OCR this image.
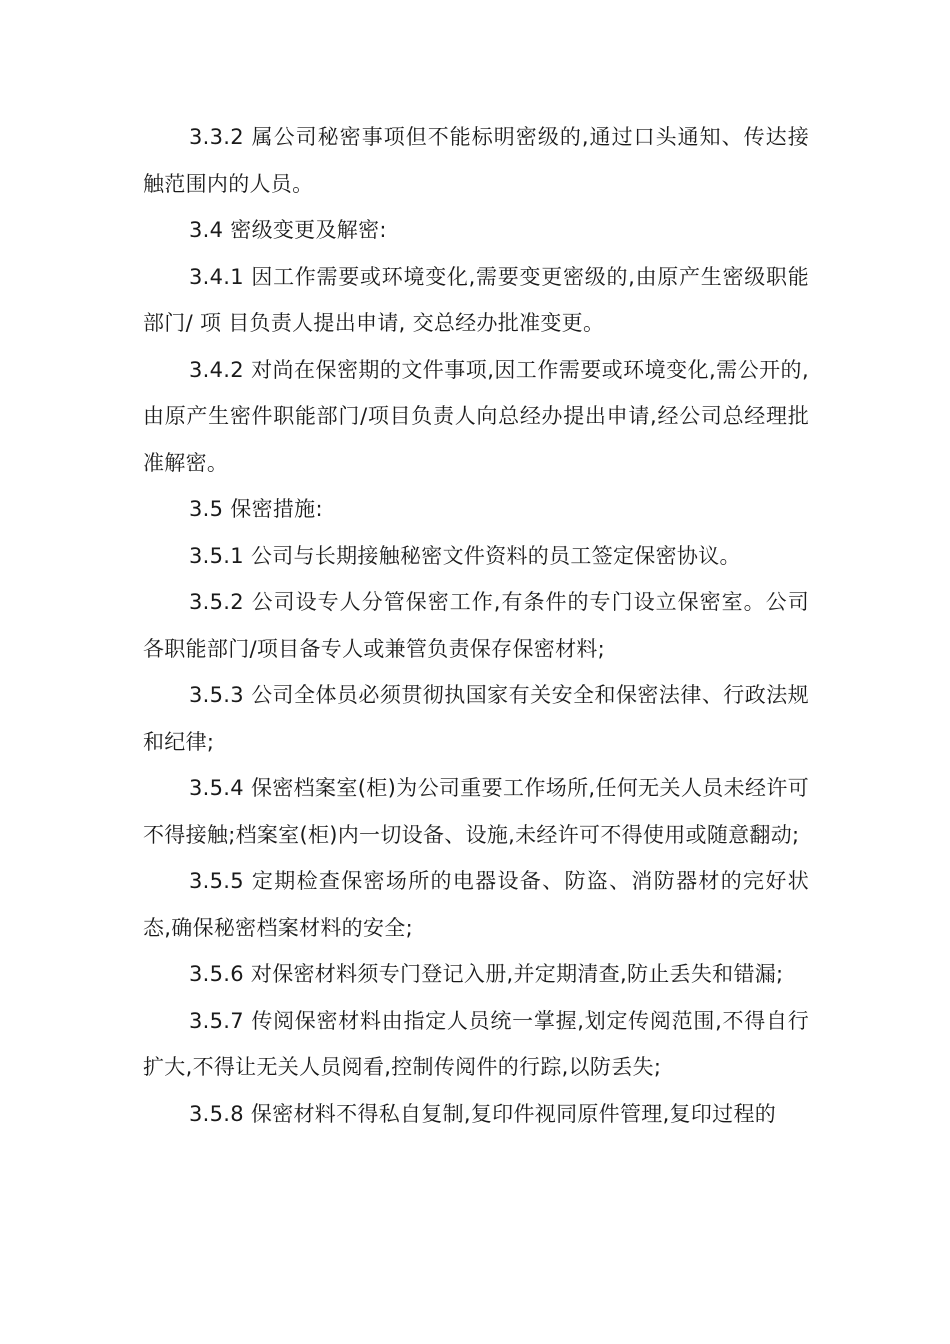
3.3.2 属公司秘密事项但不能标明密级的,通过口头通知、传达接触范围内的人员。

3.4 密级变更及解密:

3.4.1 因工作需要或环境变化,需要变更密级的,由原产生密级职能部门/ 项 目负责人提出申请, 交总经办批准变更。

3.4.2 对尚在保密期的文件事项,因工作需要或环境变化,需公开的,由原产生密件职能部门/项目负责人向总经办提出申请,经公司总经理批准解密。

3.5 保密措施:

3.5.1 公司与长期接触秘密文件资料的员工签定保密协议。

3.5.2 公司设专人分管保密工作,有条件的专门设立保密室。公司各职能部门/项目备专人或兼管负责保存保密材料;

3.5.3 公司全体员必须贯彻执国家有关安全和保密法律、行政法规和纪律;

3.5.4 保密档案室(柜)为公司重要工作场所,任何无关人员未经许可不得接触;档案室(柜)内一切设备、设施,未经许可不得使用或随意翻动;

3.5.5 定期检查保密场所的电器设备、防盗、消防器材的完好状态,确保秘密档案材料的安全;

3.5.6 对保密材料须专门登记入册,并定期清查,防止丢失和错漏;

3.5.7 传阅保密材料由指定人员统一掌握,划定传阅范围,不得自行扩大,不得让无关人员阅看,控制传阅件的行踪,以防丢失;

3.5.8 保密材料不得私自复制,复印件视同原件管理,复印过程的
